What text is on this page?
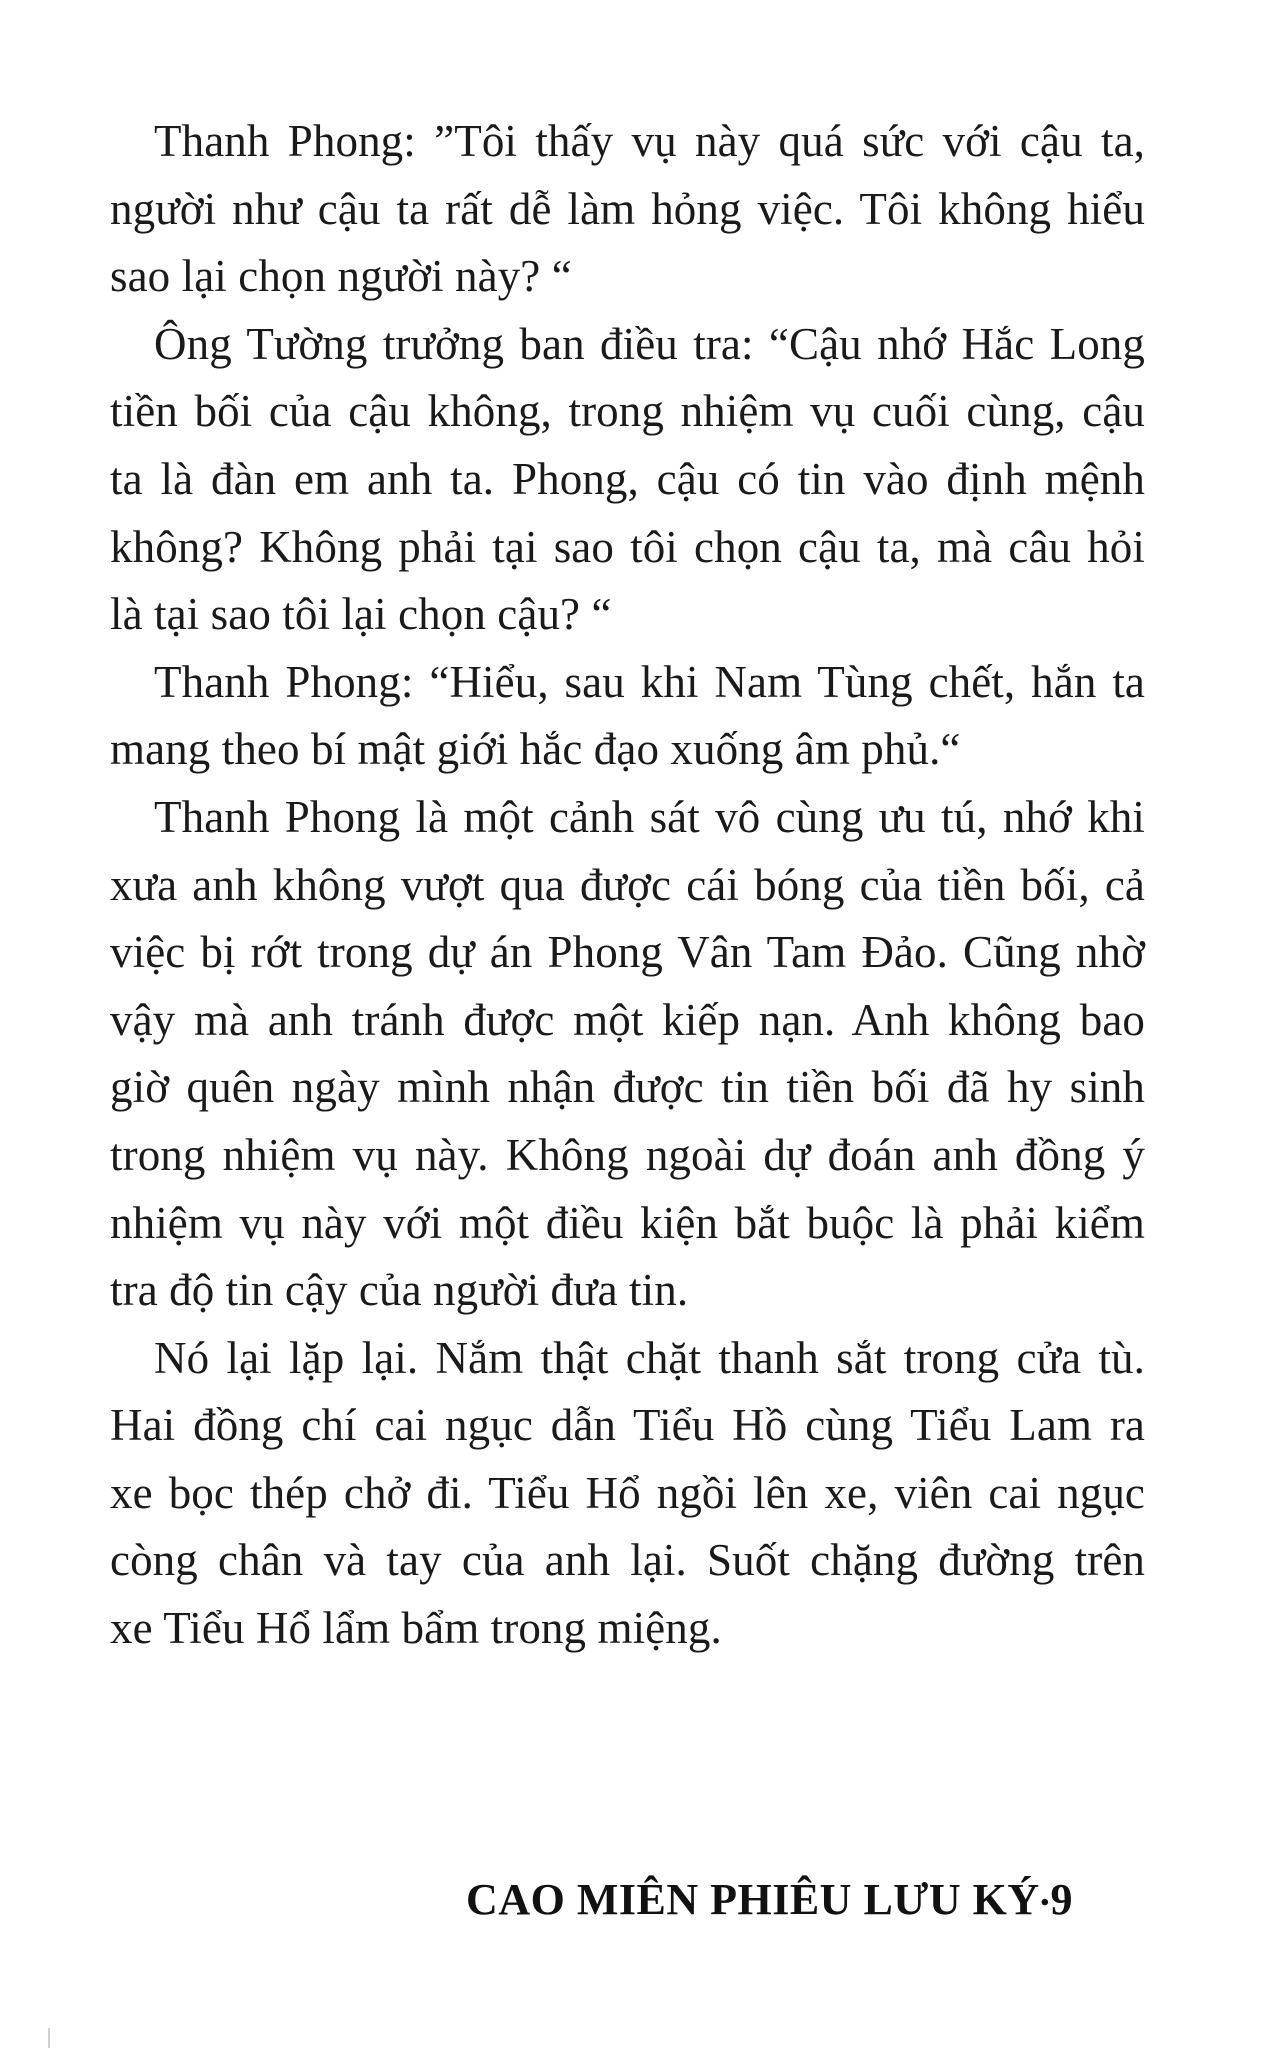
Thanh Phong: ”Tôi thấy vụ này quá sức với cậu ta,
người như cậu ta rất dễ làm hỏng việc. Tôi không hiểu
sao lại chọn người này? “
Ông Tường trưởng ban điều tra: “Cậu nhớ Hắc Long
tiền bối của cậu không, trong nhiệm vụ cuối cùng, cậu
ta là đàn em anh ta. Phong, cậu có tin vào định mệnh
không? Không phải tại sao tôi chọn cậu ta, mà câu hỏi
là tại sao tôi lại chọn cậu? “
Thanh Phong: “Hiểu, sau khi Nam Tùng chết, hắn ta
mang theo bí mật giới hắc đạo xuống âm phủ.“
Thanh Phong là một cảnh sát vô cùng ưu tú, nhớ khi
xưa anh không vượt qua được cái bóng của tiền bối, cả
việc bị rớt trong dự án Phong Vân Tam Đảo. Cũng nhờ
vậy mà anh tránh được một kiếp nạn. Anh không bao
giờ quên ngày mình nhận được tin tiền bối đã hy sinh
trong nhiệm vụ này. Không ngoài dự đoán anh đồng ý
nhiệm vụ này với một điều kiện bắt buộc là phải kiểm
tra độ tin cậy của người đưa tin.
Nó lại lặp lại. Nắm thật chặt thanh sắt trong cửa tù.
Hai đồng chí cai ngục dẫn Tiểu Hồ cùng Tiểu Lam ra
xe bọc thép chở đi. Tiểu Hổ ngồi lên xe, viên cai ngục
còng chân và tay của anh lại. Suốt chặng đường trên
xe Tiểu Hổ lẩm bẩm trong miệng.
CAO MIÊN PHIÊU LƯU KÝ•9
